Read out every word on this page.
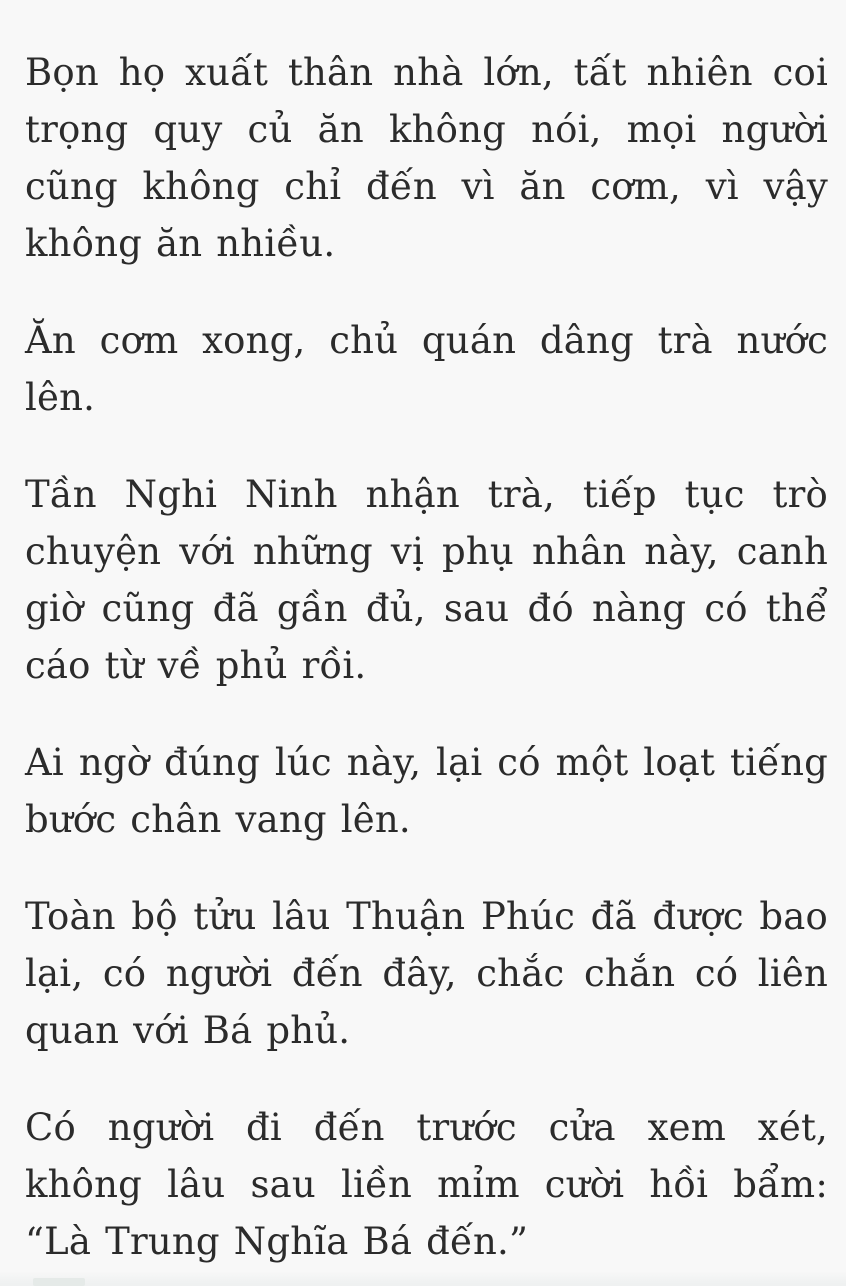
Bọn họ xuất thân nhà lớn, tất nhiên coi trọng quy củ ăn không nói, mọi người cũng không chỉ đến vì ăn cơm, vì vậy không ăn nhiều.

Ăn cơm xong, chủ quán dâng trà nước lên.

Tần Nghi Ninh nhận trà, tiếp tục trò chuyện với những vị phụ nhân này, canh giờ cũng đã gần đủ, sau đó nàng có thể cáo từ về phủ rồi.

Ai ngờ đúng lúc này, lại có một loạt tiếng bước chân vang lên.

Toàn bộ tửu lâu Thuận Phúc đã được bao lại, có người đến đây, chắc chắn có liên quan với Bá phủ.

Có người đi đến trước cửa xem xét, không lâu sau liền mỉm cười hồi bẩm: “Là Trung Nghĩa Bá đến.”
